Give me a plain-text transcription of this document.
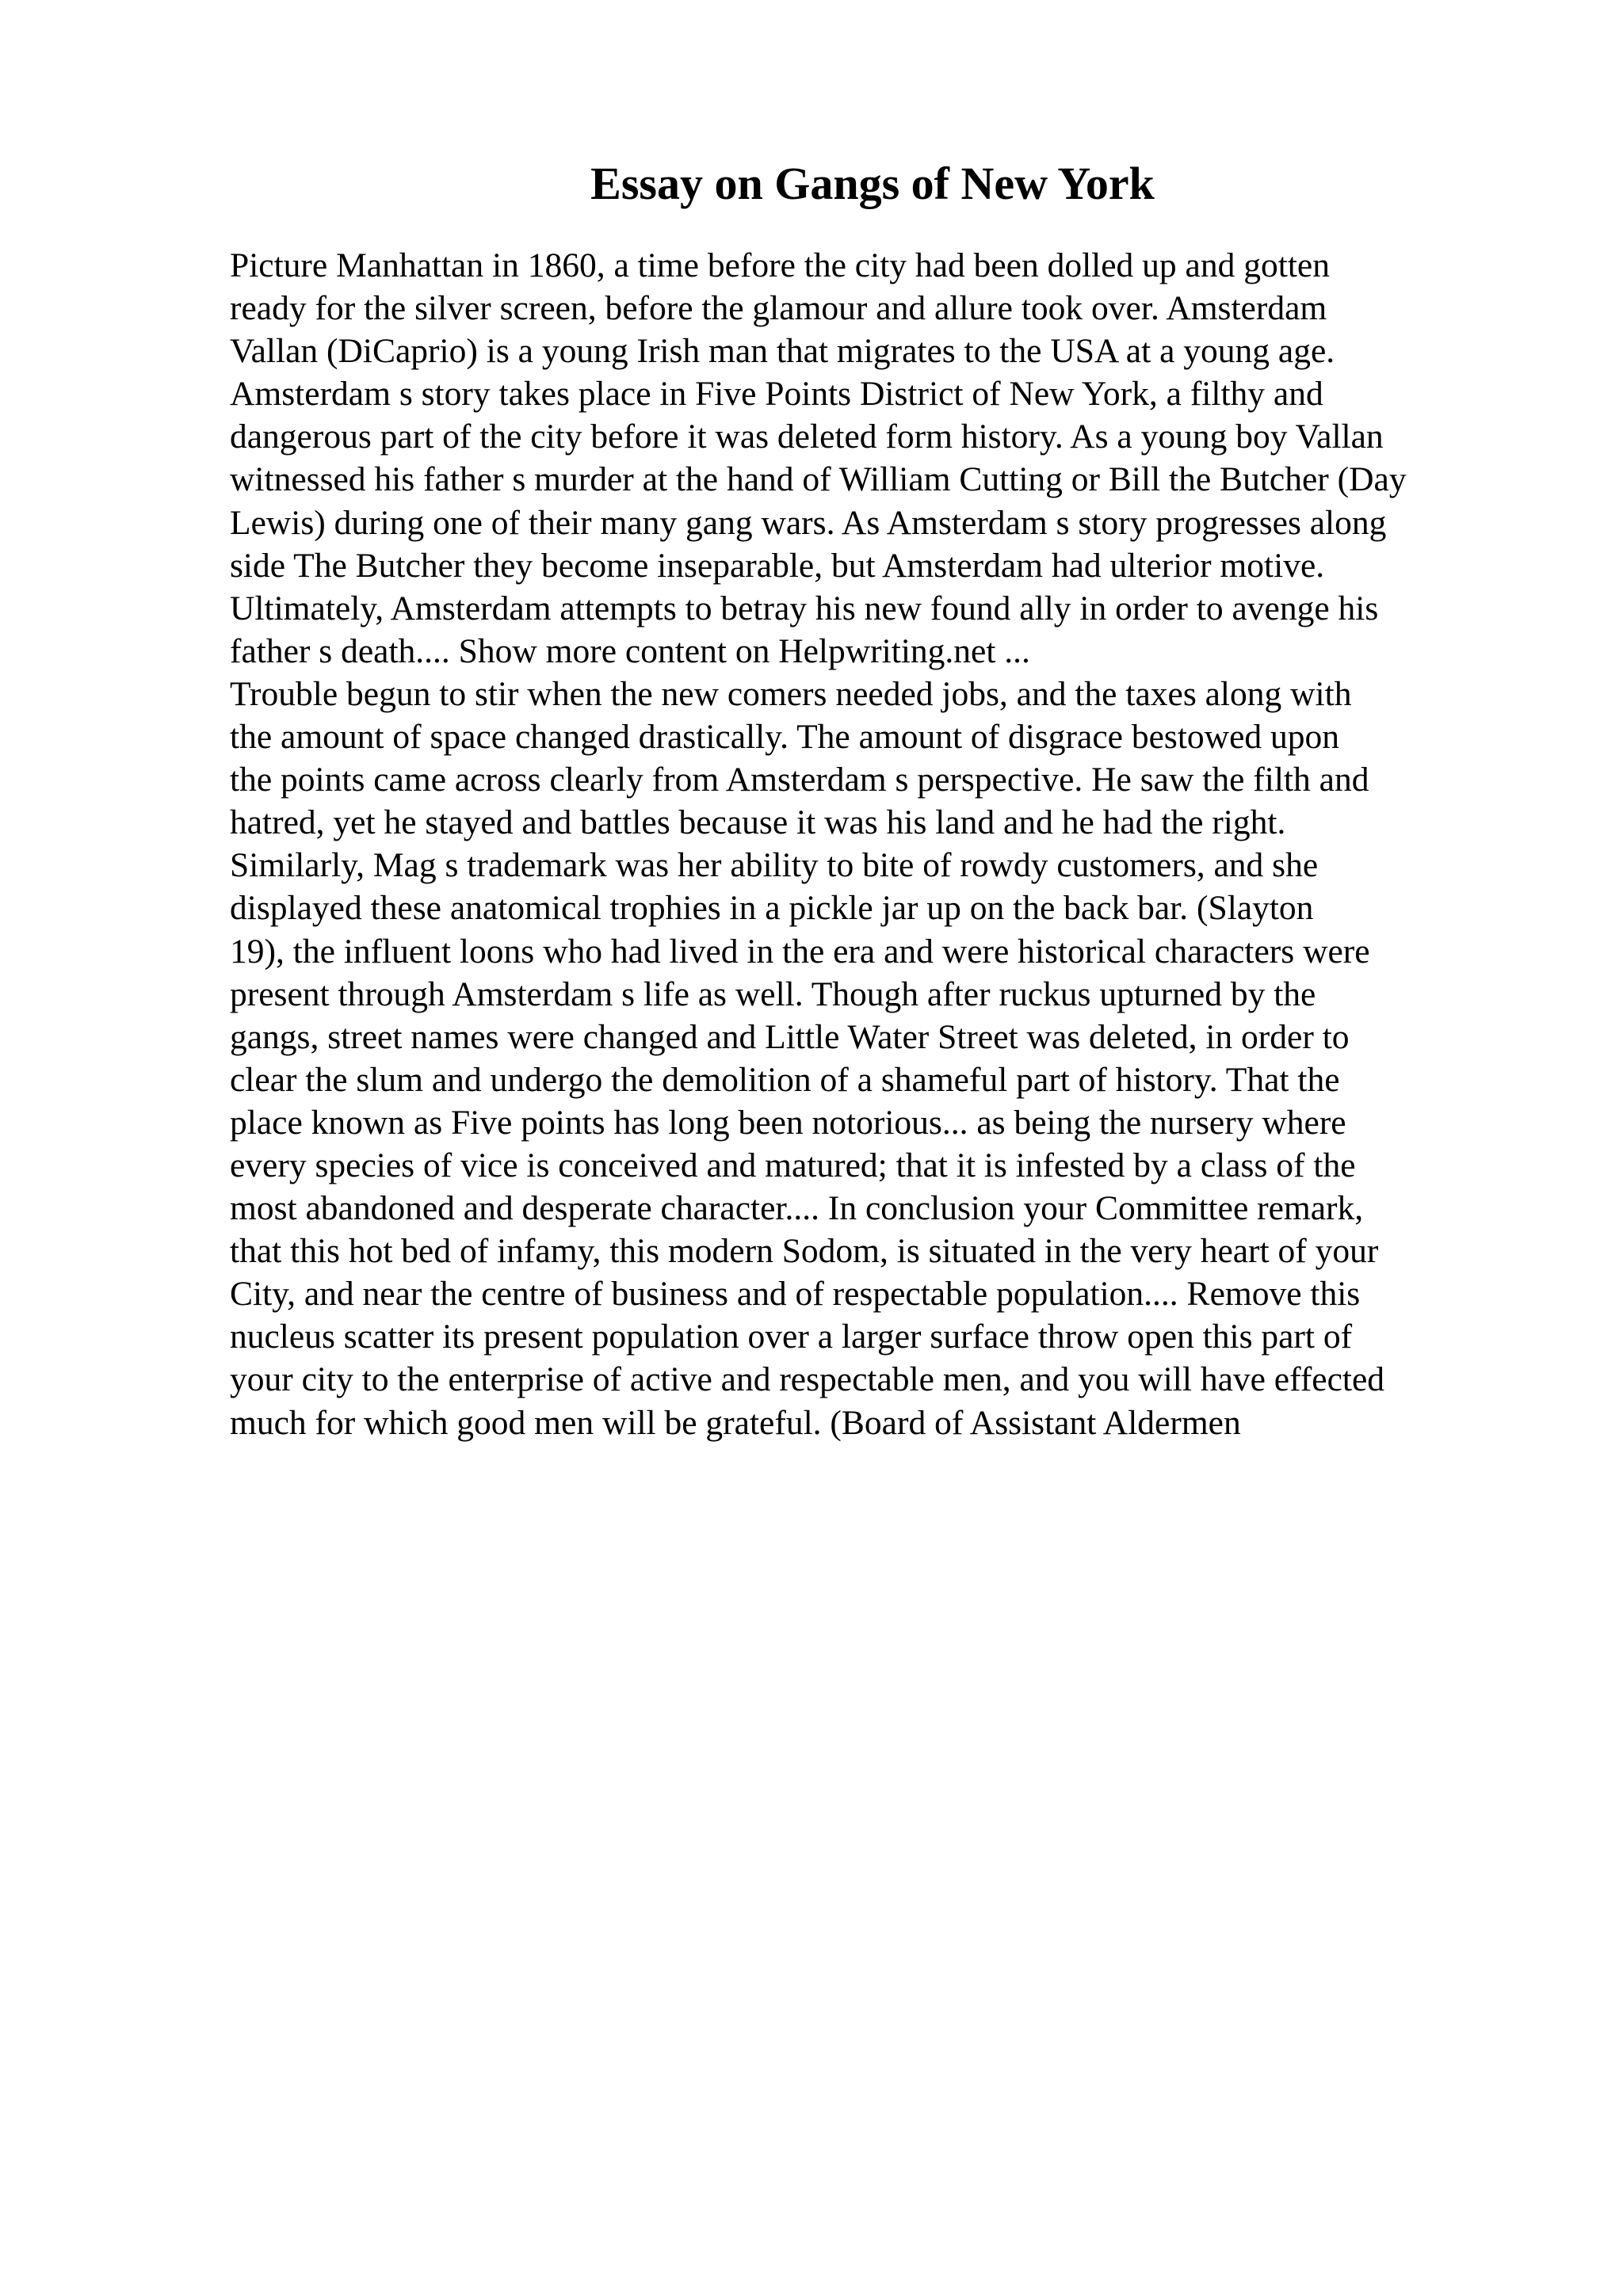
Essay on Gangs of New York
Picture Manhattan in 1860, a time before the city had been dolled up and gotten
ready for the silver screen, before the glamour and allure took over. Amsterdam
Vallan (DiCaprio) is a young Irish man that migrates to the USA at a young age.
Amsterdam s story takes place in Five Points District of New York, a filthy and
dangerous part of the city before it was deleted form history. As a young boy Vallan
witnessed his father s murder at the hand of William Cutting or Bill the Butcher (Day
Lewis) during one of their many gang wars. As Amsterdam s story progresses along
side The Butcher they become inseparable, but Amsterdam had ulterior motive.
Ultimately, Amsterdam attempts to betray his new found ally in order to avenge his
father s death.... Show more content on Helpwriting.net ...
Trouble begun to stir when the new comers needed jobs, and the taxes along with
the amount of space changed drastically. The amount of disgrace bestowed upon
the points came across clearly from Amsterdam s perspective. He saw the filth and
hatred, yet he stayed and battles because it was his land and he had the right.
Similarly, Mag s trademark was her ability to bite of rowdy customers, and she
displayed these anatomical trophies in a pickle jar up on the back bar. (Slayton
19), the influent loons who had lived in the era and were historical characters were
present through Amsterdam s life as well. Though after ruckus upturned by the
gangs, street names were changed and Little Water Street was deleted, in order to
clear the slum and undergo the demolition of a shameful part of history. That the
place known as Five points has long been notorious... as being the nursery where
every species of vice is conceived and matured; that it is infested by a class of the
most abandoned and desperate character.... In conclusion your Committee remark,
that this hot bed of infamy, this modern Sodom, is situated in the very heart of your
City, and near the centre of business and of respectable population.... Remove this
nucleus scatter its present population over a larger surface throw open this part of
your city to the enterprise of active and respectable men, and you will have effected
much for which good men will be grateful. (Board of Assistant Aldermen
